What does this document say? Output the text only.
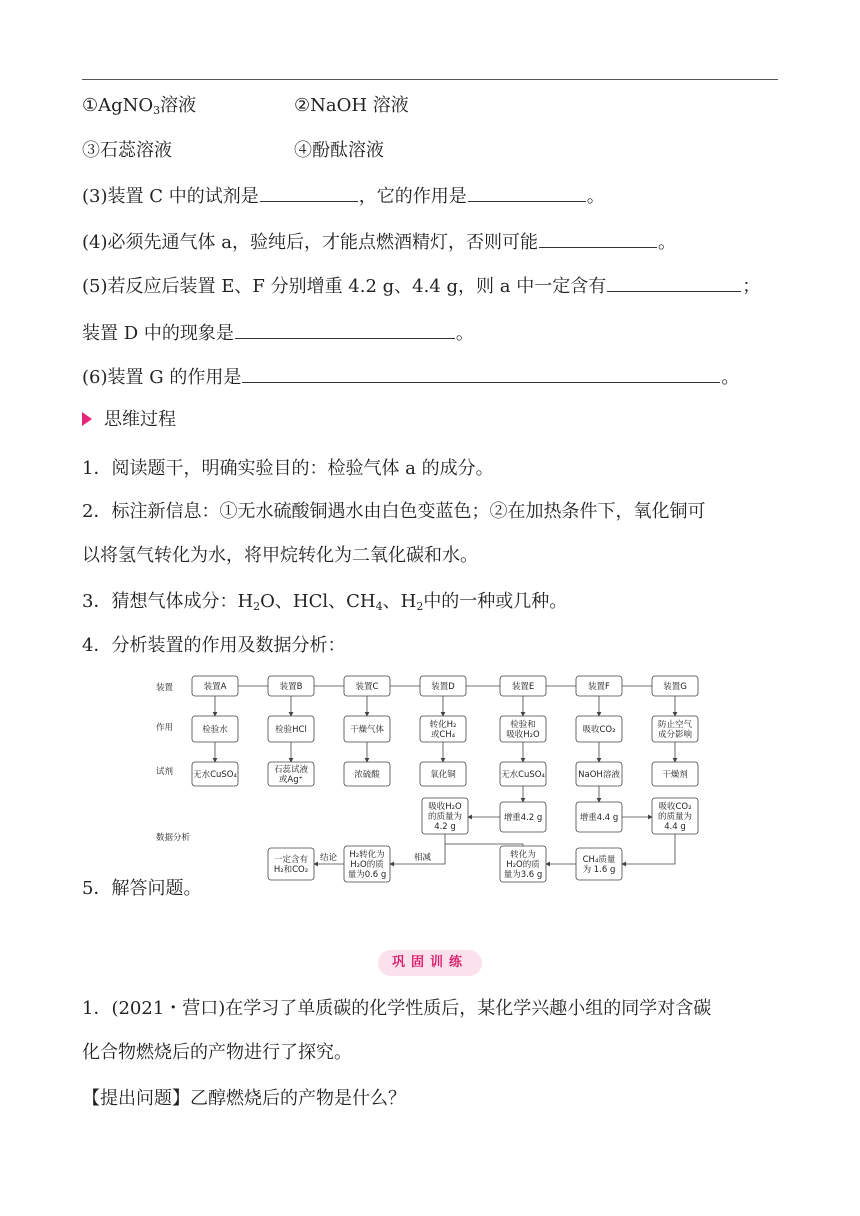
①AgNO$_3$溶液	②NaOH 溶液
③石蕊溶液	④酚酞溶液
(3)装置 C 中的试剂是	，它的作用是	。
(4)必须先通气体 a，验纯后，才能点燃酒精灯，否则可能	。
(5)若反应后装置 E、F 分别增重 4.2 g、4.4 g，则 a 中一定含有	；
装置 D 中的现象是	。
(6)装置 G 的作用是	。
思维过程
1．阅读题干，明确实验目的：检验气体 a 的成分。
2．标注新信息：①无水硫酸铜遇水由白色变蓝色；②在加热条件下，氧化铜可
以将氢气转化为水，将甲烷转化为二氧化碳和水。
3．猜想气体成分：$H_2O$、HCl、$CH_4$、$H_2$中的一种或几种。
4．分析装置的作用及数据分析：
装置
作用
试剂
数据分析
装置A
检验水
无水CuSO₄
装置B
检验HCl
石蕊试液
或Ag⁺
装置C
干燥气体
浓硫酸
装置D
转化H₂
或CH₄
氧化铜
装置E
检验和
吸收H₂O
无水CuSO₄
装置F
吸收CO₂
NaOH溶液
装置G
防止空气
成分影响
干燥剂
增重4.2 g	增重4.4 g
吸收H₂O
的质量为
4.2 g
吸收CO₂
的质量为
4.4 g
CH₄质量
为 1.6 g
转化为
H₂O的质
量为3.6 g
H₂转化为
H₂O的质
量为0.6 g
一定含有
H₂和CO₂
相减
结论
5．解答问题。
巩固训练
1．(2021・营口)在学习了单质碳的化学性质后，某化学兴趣小组的同学对含碳
化合物燃烧后的产物进行了探究。
【提出问题】乙醇燃烧后的产物是什么？
